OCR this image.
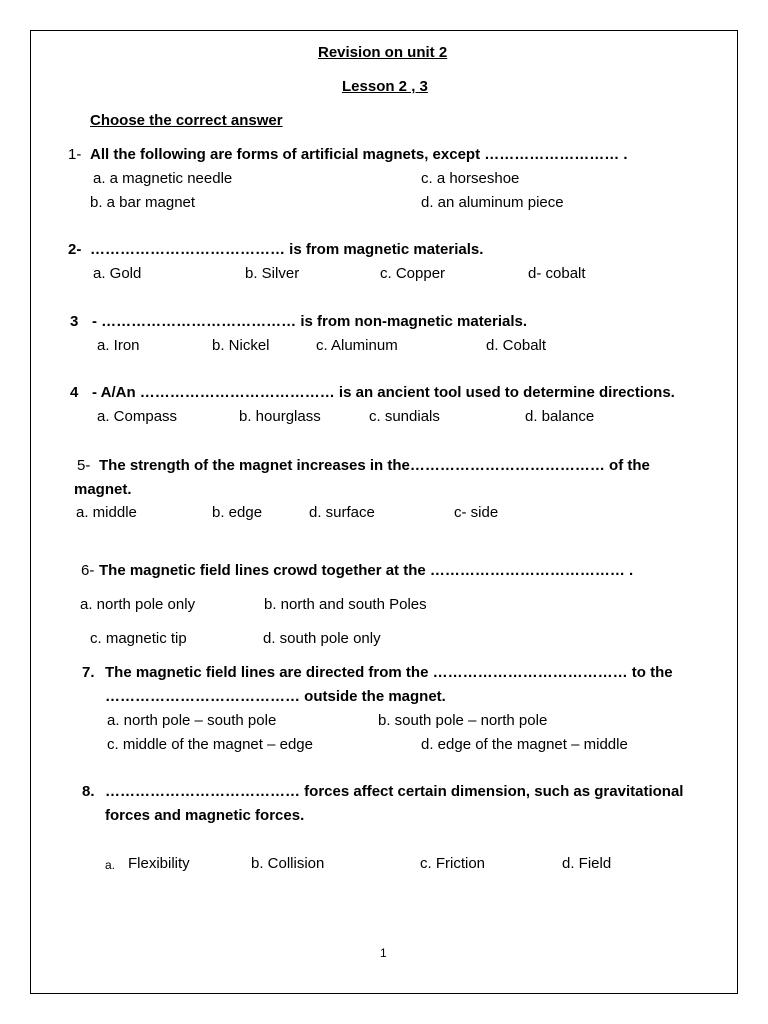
Revision on unit 2
Lesson 2 , 3
Choose the correct answer
1- All the following are forms of artificial magnets, except ……………………… .
a. a magnetic needle	c. a horseshoe
b. a bar magnet	d. an aluminum piece
2- ………………………………… is from magnetic materials.
a. Gold	b. Silver	c. Copper	d- cobalt
3 - ………………………………… is from non-magnetic materials.
a. Iron	b. Nickel	c. Aluminum	d. Cobalt
4 - A/An ………………………………… is an ancient tool used to determine directions.
a. Compass	b. hourglass	c. sundials	d. balance
5- The strength of the magnet increases in the………………………………… of the
magnet.
a. middle	b. edge	d. surface	c- side
6- The magnetic field lines crowd together at the ………………………………… .
a. north pole only	b. north and south Poles
c. magnetic tip	d. south pole only
7. The magnetic field lines are directed from the ………………………………… to the
………………………………… outside the magnet.
a. north pole – south pole	b. south pole – north pole
c. middle of the magnet – edge	d. edge of the magnet – middle
8. ………………………………… forces affect certain dimension, such as gravitational
forces and magnetic forces.
a. Flexibility	b. Collision	c. Friction	d. Field
1
